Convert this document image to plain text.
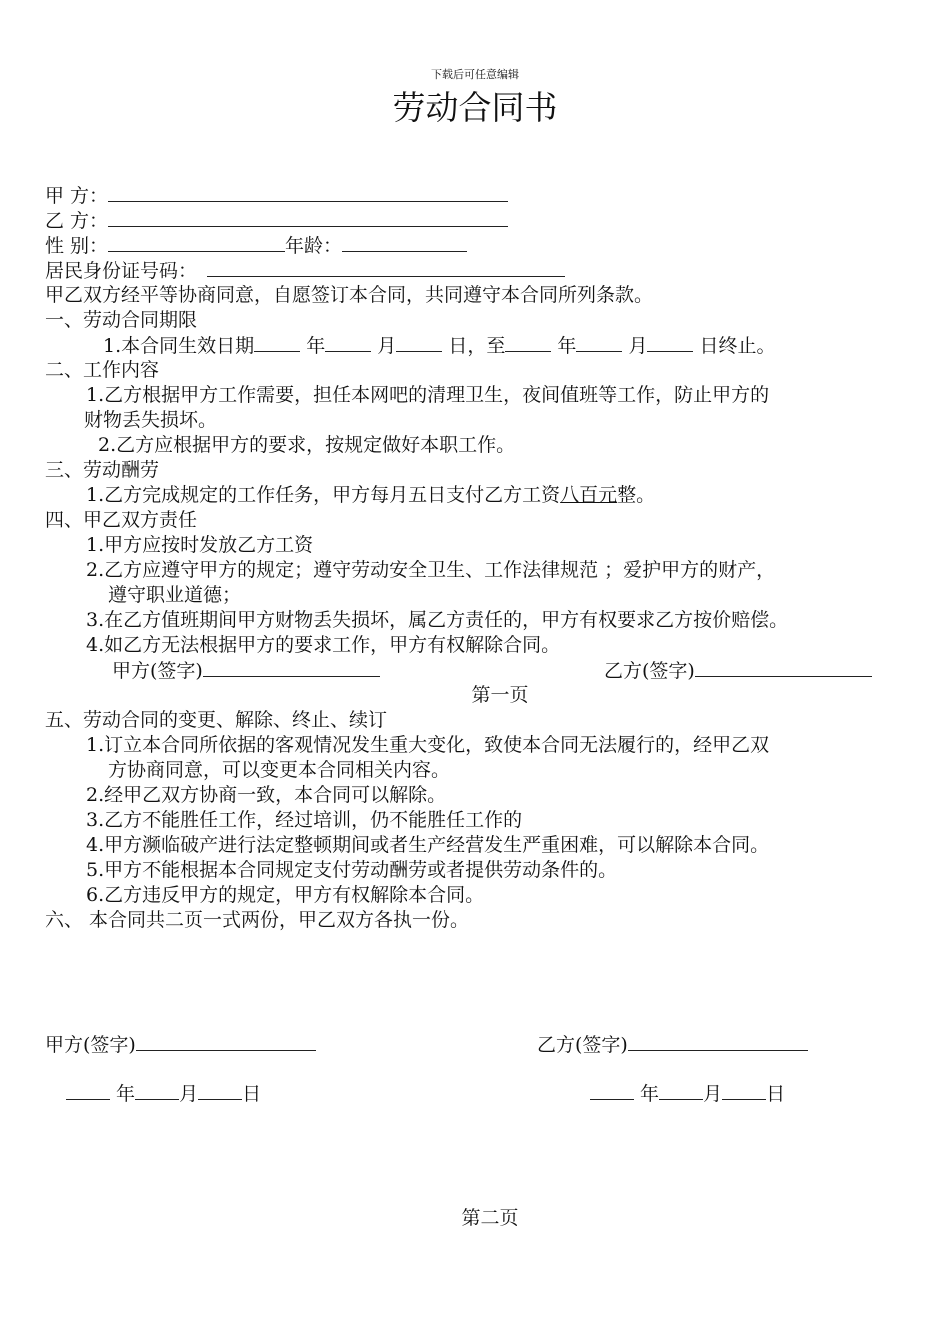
下载后可任意编辑
劳动合同书
甲 方：
乙 方：
性 别：	年龄：
居民身份证号码：
甲乙双方经平等协商同意，自愿签订本合同，共同遵守本合同所列条款。
一、劳动合同期限
1.本合同生效日期	年	月	日，至	年	月	日终止。
二、工作内容
1.乙方根据甲方工作需要，担任本网吧的清理卫生，夜间值班等工作，防止甲方的
财物丢失损坏。
2.乙方应根据甲方的要求，按规定做好本职工作。
三、劳动酬劳
1.乙方完成规定的工作任务，甲方每月五日支付乙方工资八百元整。
四、甲乙双方责任
1.甲方应按时发放乙方工资
2.乙方应遵守甲方的规定；遵守劳动安全卫生、工作法律规范 ；爱护甲方的财产，
遵守职业道德；
3.在乙方值班期间甲方财物丢失损坏，属乙方责任的，甲方有权要求乙方按价赔偿。
4.如乙方无法根据甲方的要求工作，甲方有权解除合同。
甲方(签字)	乙方(签字)
第一页
五、劳动合同的变更、解除、终止、续订
1.订立本合同所依据的客观情况发生重大变化，致使本合同无法履行的，经甲乙双
方协商同意，可以变更本合同相关内容。
2.经甲乙双方协商一致，本合同可以解除。
3.乙方不能胜任工作，经过培训，仍不能胜任工作的
4.甲方濒临破产进行法定整顿期间或者生产经营发生严重困难，可以解除本合同。
5.甲方不能根据本合同规定支付劳动酬劳或者提供劳动条件的。
6.乙方违反甲方的规定，甲方有权解除本合同。
六、 本合同共二页一式两份，甲乙双方各执一份。
甲方(签字)	乙方(签字)
年 月 日	年 月 日
第二页
